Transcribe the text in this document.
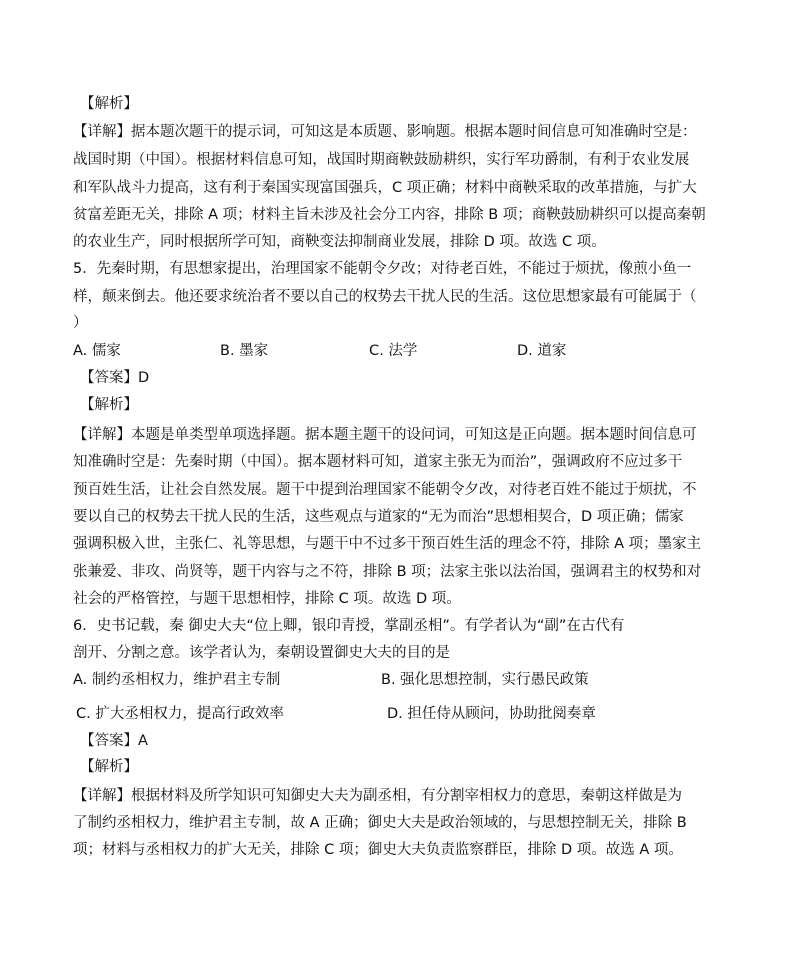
【解析】
【详解】据本题次题干的提示词，可知这是本质题、影响题。根据本题时间信息可知准确时空是：
战国时期（中国）。根据材料信息可知，战国时期商鞅鼓励耕织，实行军功爵制，有利于农业发展
和军队战斗力提高，这有利于秦国实现富国强兵，C 项正确；材料中商鞅采取的改革措施，与扩大
贫富差距无关，排除 A 项；材料主旨未涉及社会分工内容，排除 B 项；商鞅鼓励耕织可以提高秦朝
的农业生产，同时根据所学可知，商鞅变法抑制商业发展，排除 D 项。故选 C 项。
5．先秦时期，有思想家提出，治理国家不能朝令夕改；对待老百姓，不能过于烦扰，像煎小鱼一
样，颠来倒去。他还要求统治者不要以自己的权势去干扰人民的生活。这位思想家最有可能属于（
）
A. 儒家	B. 墨家	C. 法学	D. 道家
【答案】D
【解析】
【详解】本题是单类型单项选择题。据本题主题干的设问词，可知这是正向题。据本题时间信息可
知准确时空是：先秦时期（中国）。据本题材料可知，道家主张无为而治”，强调政府不应过多干
预百姓生活，让社会自然发展。题干中提到治理国家不能朝令夕改，对待老百姓不能过于烦扰，不
要以自己的权势去干扰人民的生活，这些观点与道家的“无为而治”思想相契合，D 项正确；儒家
强调积极入世，主张仁、礼等思想，与题干中不过多干预百姓生活的理念不符，排除 A 项；墨家主
张兼爱、非攻、尚贤等，题干内容与之不符，排除 B 项；法家主张以法治国，强调君主的权势和对
社会的严格管控，与题干思想相悖，排除 C 项。故选 D 项。
6．史书记载，秦 御史大夫“位上卿，银印青授，掌副丞相”。有学者认为“副”在古代有
剖开、分割之意。该学者认为，秦朝设置御史大夫的目的是
A. 制约丞相权力，维护君主专制	B. 强化思想控制，实行愚民政策
C. 扩大丞相权力，提高行政效率	D. 担任侍从顾问，协助批阅奏章
【答案】A
【解析】
【详解】根据材料及所学知识可知御史大夫为副丞相，有分割宰相权力的意思，秦朝这样做是为
了制约丞相权力，维护君主专制，故 A 正确；御史大夫是政治领域的，与思想控制无关，排除 B
项；材料与丞相权力的扩大无关，排除 C 项；御史大夫负责监察群臣，排除 D 项。故选 A 项。
